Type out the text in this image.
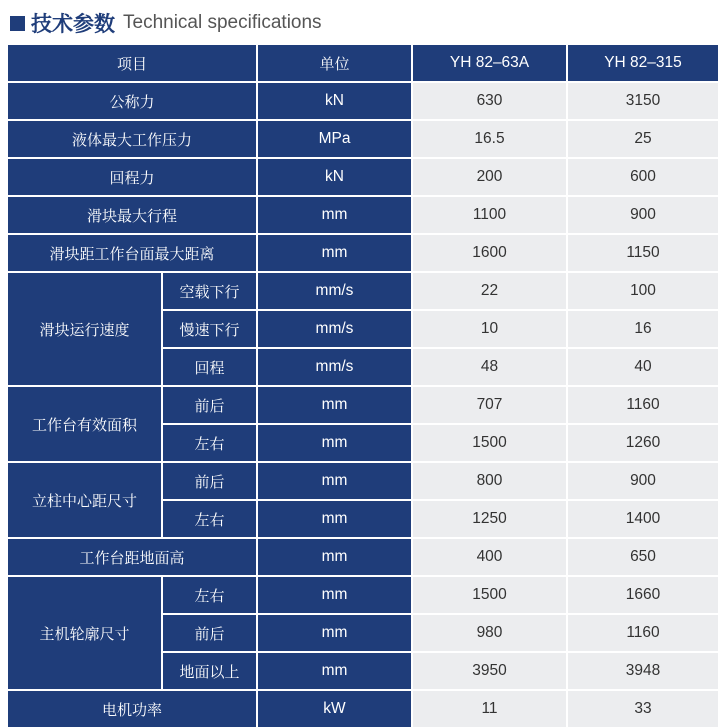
技术参数 Technical specifications
项目	单位	YH 82–63A	YH 82–315
公称力	kN	630	3150
液体最大工作压力	MPa	16.5	25
回程力	kN	200	600
滑块最大行程	mm	1100	900
滑块距工作台面最大距离	mm	1600	1150
滑块运行速度
空载下行	mm/s	22	100
慢速下行	mm/s	10	16
回程	mm/s	48	40
工作台有效面积
前后	mm	707	1160
左右	mm	1500	1260
立柱中心距尺寸
前后	mm	800	900
左右	mm	1250	1400
工作台距地面高	mm	400	650
主机轮廓尺寸
左右	mm	1500	1660
前后	mm	980	1160
地面以上	mm	3950	3948
电机功率	kW	11	33
